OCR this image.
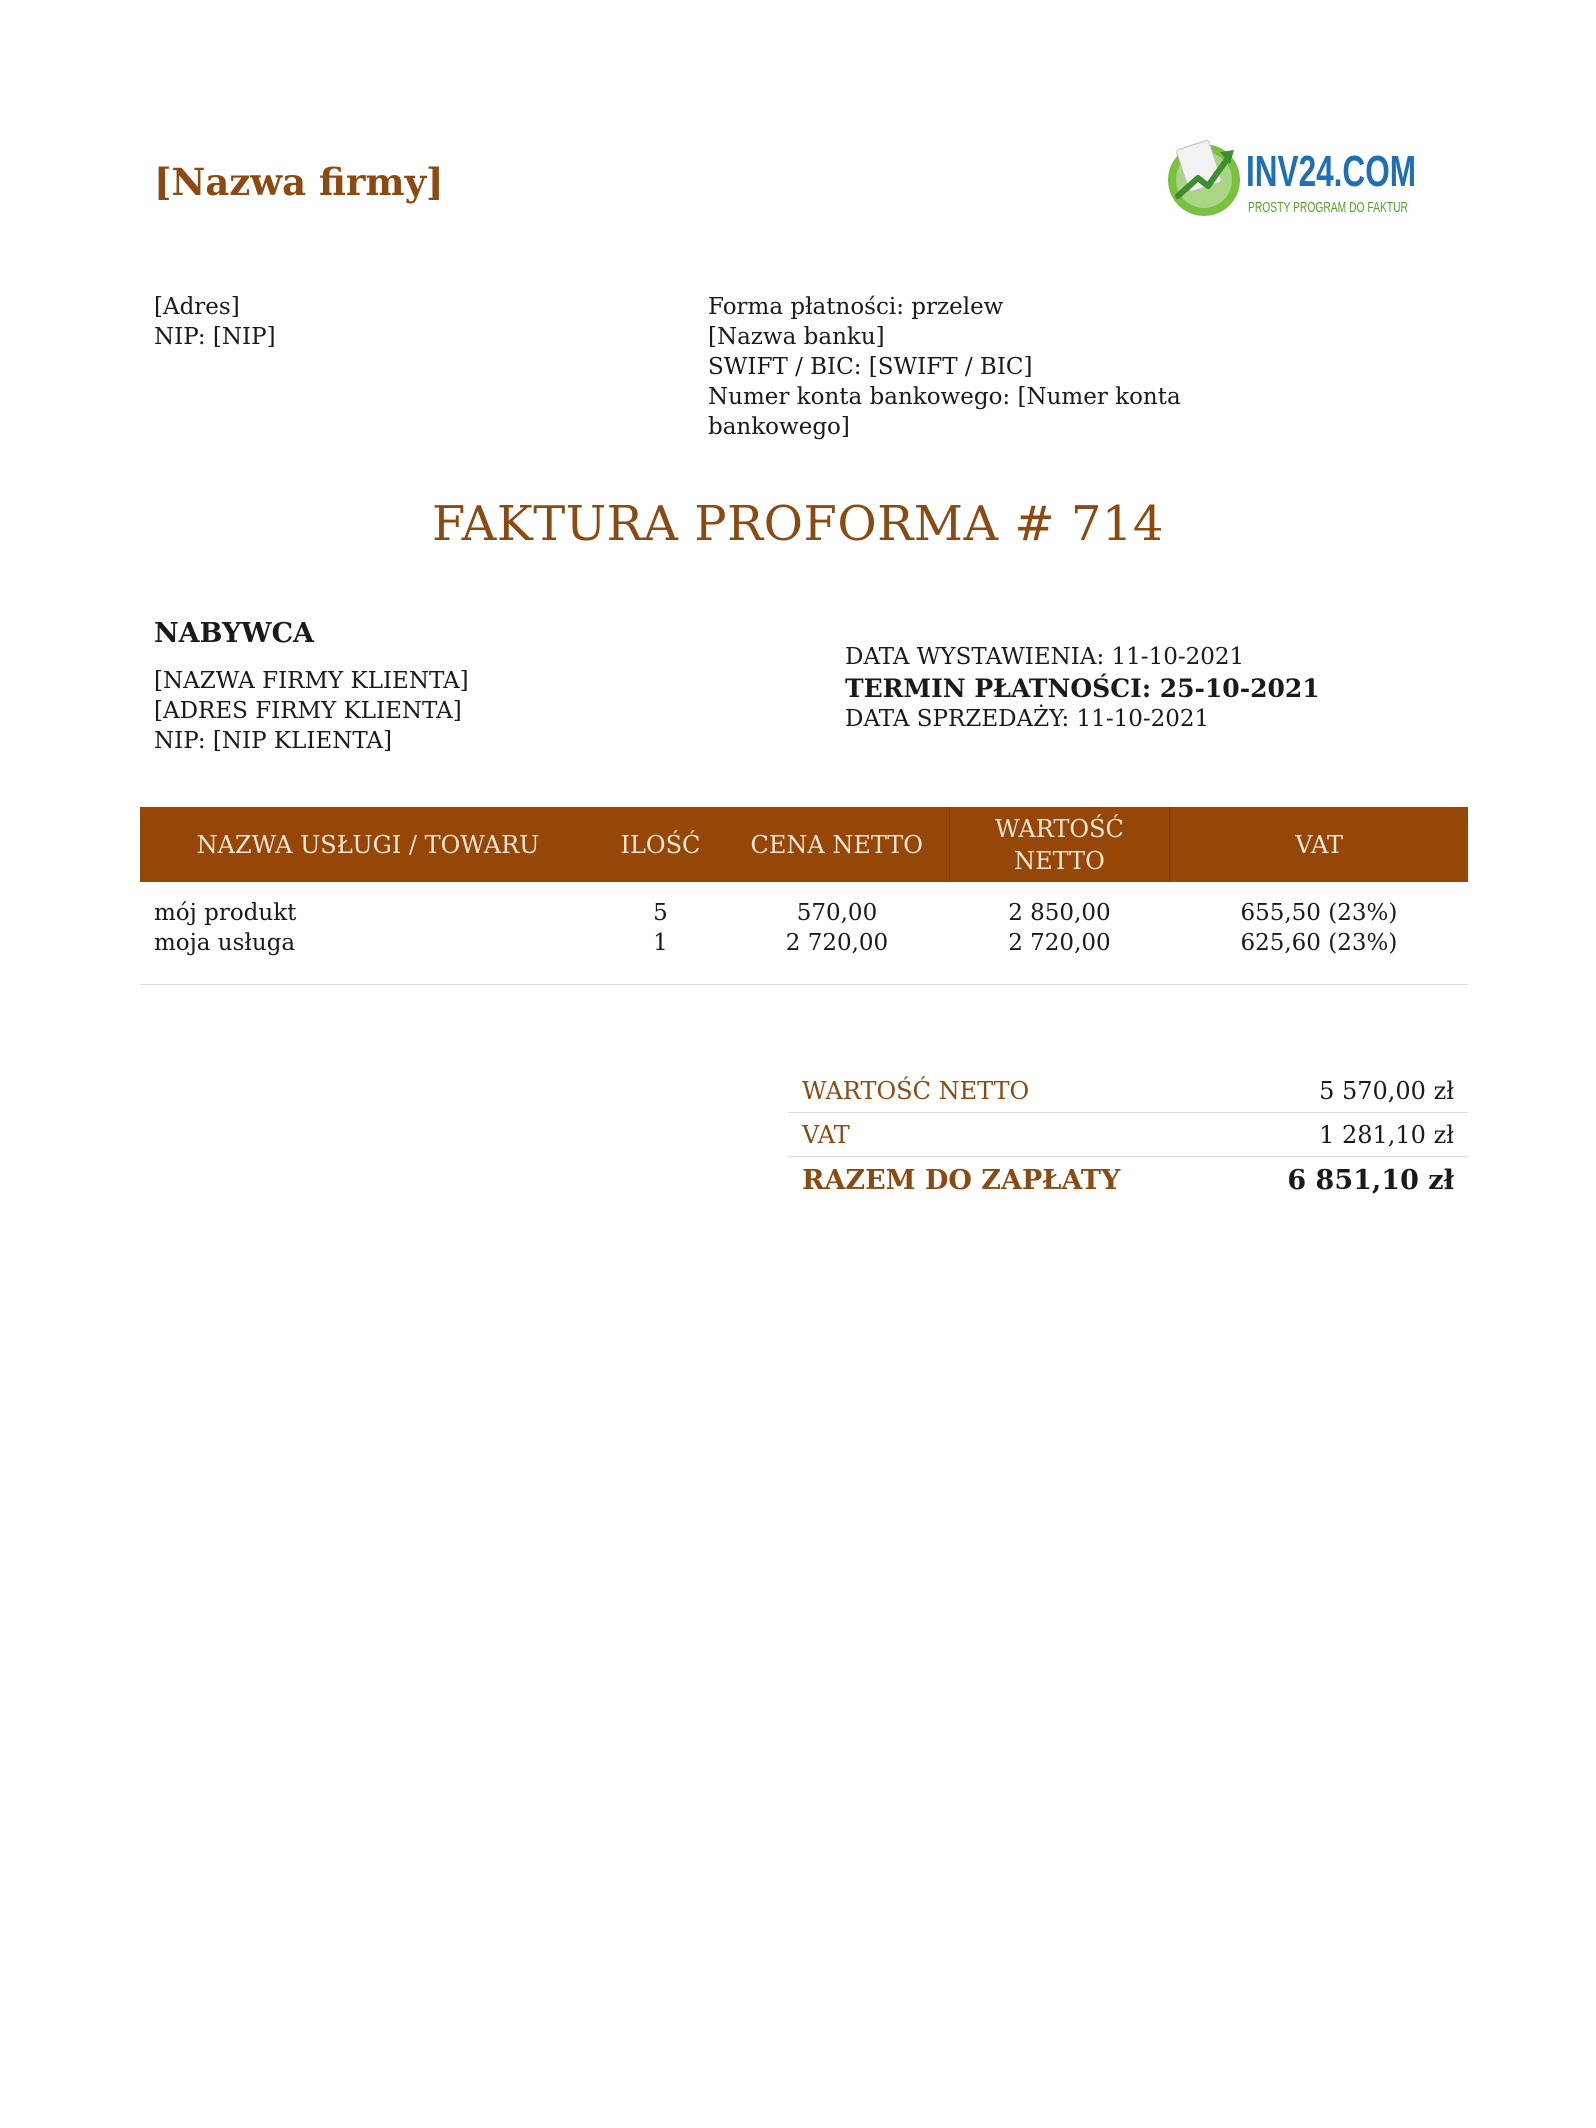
[Nazwa firmy]	INV24.COM
PROSTY PROGRAM DO FAKTUR
[Adres]
NIP: [NIP]
Forma płatności: przelew
[Nazwa banku]
SWIFT / BIC: [SWIFT / BIC]
Numer konta bankowego: [Numer konta bankowego]
FAKTURA PROFORMA # 714
NABYWCA
[NAZWA FIRMY KLIENTA]
[ADRES FIRMY KLIENTA]
NIP: [NIP KLIENTA]
DATA WYSTAWIENIA: 11-10-2021
TERMIN PŁATNOŚCI: 25-10-2021
DATA SPRZEDAŻY: 11-10-2021
NAZWA USŁUGI / TOWARU	ILOŚĆ	CENA NETTO	WARTOŚĆ NETTO	VAT
mój produkt	5	570,00	2 850,00	655,50 (23%)
moja usługa	1	2 720,00	2 720,00	625,60 (23%)
WARTOŚĆ NETTO	5 570,00 zł
VAT	1 281,10 zł
RAZEM DO ZAPŁATY	6 851,10 zł
